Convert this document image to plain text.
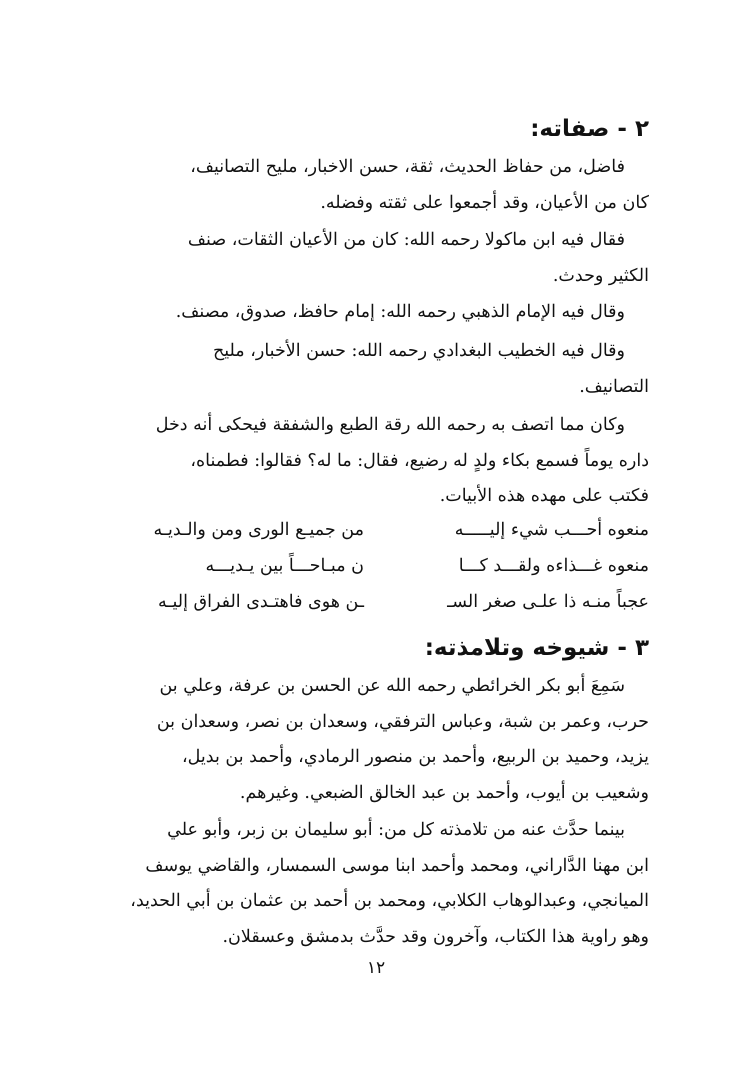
٢ - صفاته:
فاضل، من حفاظ الحديث، ثقة، حسن الاخبار، مليح التصانيف،
كان من الأعيان، وقد أجمعوا على ثقته وفضله.
فقال فيه ابن ماكولا رحمه الله: كان من الأعيان الثقات، صنف
الكثير وحدث.
وقال فيه الإمام الذهبي رحمه الله: إمام حافظ، صدوق، مصنف.
وقال فيه الخطيب البغدادي رحمه الله: حسن الأخبار، مليح
التصانيف.
وكان مما اتصف به رحمه الله رقة الطبع والشفقة فيحكى أنه دخل
داره يوماً فسمع بكاء ولدٍ له رضيع، فقال: ما له؟ فقالوا: فطمناه،
فكتب على مهده هذه الأبيات.
منعوه أحـــب شيء إليـــــه
من جميـع الورى ومن والـديـه
منعوه غـــذاءه ولقـــد كـــا
ن مبـاحـــاً بين يـديـــه
عجباً منـه ذا علـى صغر السـ
ـن هوى فاهتـدى الفراق إليـه
٣ - شيوخه وتلامذته:
سَمِعَ أبو بكر الخرائطي رحمه الله عن الحسن بن عرفة، وعلي بن
حرب، وعمر بن شبة، وعباس الترفقي، وسعدان بن نصر، وسعدان بن
يزيد، وحميد بن الربيع، وأحمد بن منصور الرمادي، وأحمد بن بديل،
وشعيب بن أيوب، وأحمد بن عبد الخالق الضبعي. وغيرهم.
بينما حدَّث عنه من تلامذته كل من: أبو سليمان بن زبر، وأبو علي
ابن مهنا الدَّاراني، ومحمد وأحمد ابنا موسى السمسار، والقاضي يوسف
الميانجي، وعبدالوهاب الكلابي، ومحمد بن أحمد بن عثمان بن أبي الحديد،
وهو راوية هذا الكتاب، وآخرون وقد حدَّث بدمشق وعسقلان.
١٢
